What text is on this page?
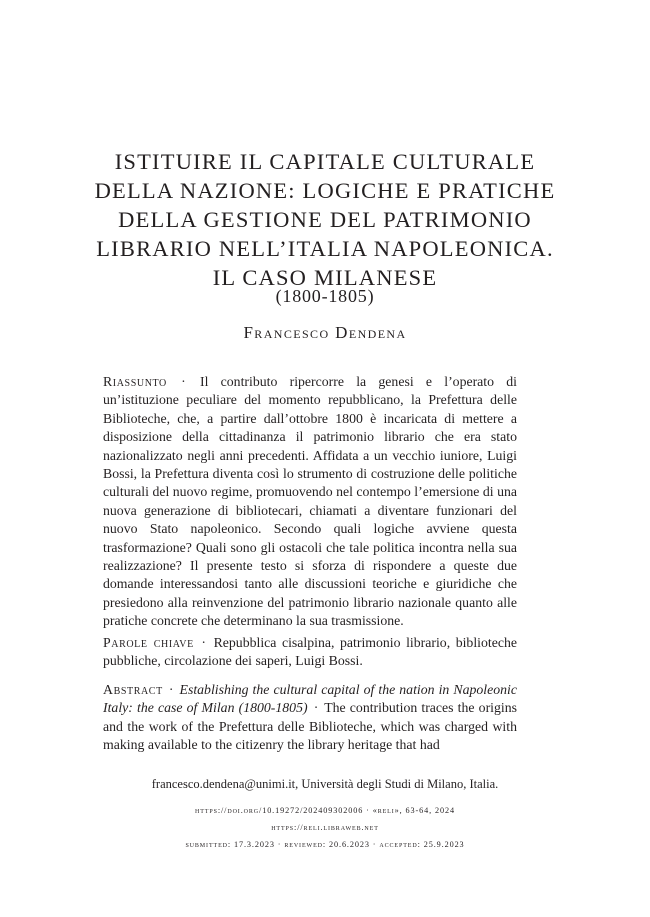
ISTITUIRE IL CAPITALE CULTURALE
DELLA NAZIONE: LOGICHE E PRATICHE
DELLA GESTIONE DEL PATRIMONIO
LIBRARIO NELL’ITALIA NAPOLEONICA.
IL CASO MILANESE
(1800-1805)
Francesco Dendena
Riassunto · Il contributo ripercorre la genesi e l’operato di un’istituzione peculiare del momento repubblicano, la Prefettura delle Biblioteche, che, a partire dall’ottobre 1800 è incaricata di mettere a disposizione della cittadinanza il patrimonio librario che era stato nazionalizzato negli anni precedenti. Affidata a un vecchio iuniore, Luigi Bossi, la Prefettura diventa così lo strumento di costruzione delle politiche culturali del nuovo regime, promuovendo nel contempo l’emersione di una nuova generazione di bibliotecari, chiamati a diventare funzionari del nuovo Stato napoleonico. Secondo quali logiche avviene questa trasformazione? Quali sono gli ostacoli che tale politica incontra nella sua realizzazione? Il presente testo si sforza di rispondere a queste due domande interessandosi tanto alle discussioni teoriche e giuridiche che presiedono alla reinvenzione del patrimonio librario nazionale quanto alle pratiche concrete che determinano la sua trasmissione.
Parole chiave · Repubblica cisalpina, patrimonio librario, biblioteche pubbliche, circolazione dei saperi, Luigi Bossi.
Abstract · Establishing the cultural capital of the nation in Napoleonic Italy: the case of Milan (1800-1805) · The contribution traces the origins and the work of the Prefettura delle Biblioteche, which was charged with making available to the citizenry the library heritage that had
francesco.dendena@unimi.it, Università degli Studi di Milano, Italia.
https://doi.org/10.19272/202409302006 · «reli», 63-64, 2024
https://reli.libraweb.net
submitted: 17.3.2023 · reviewed: 20.6.2023 · accepted: 25.9.2023
